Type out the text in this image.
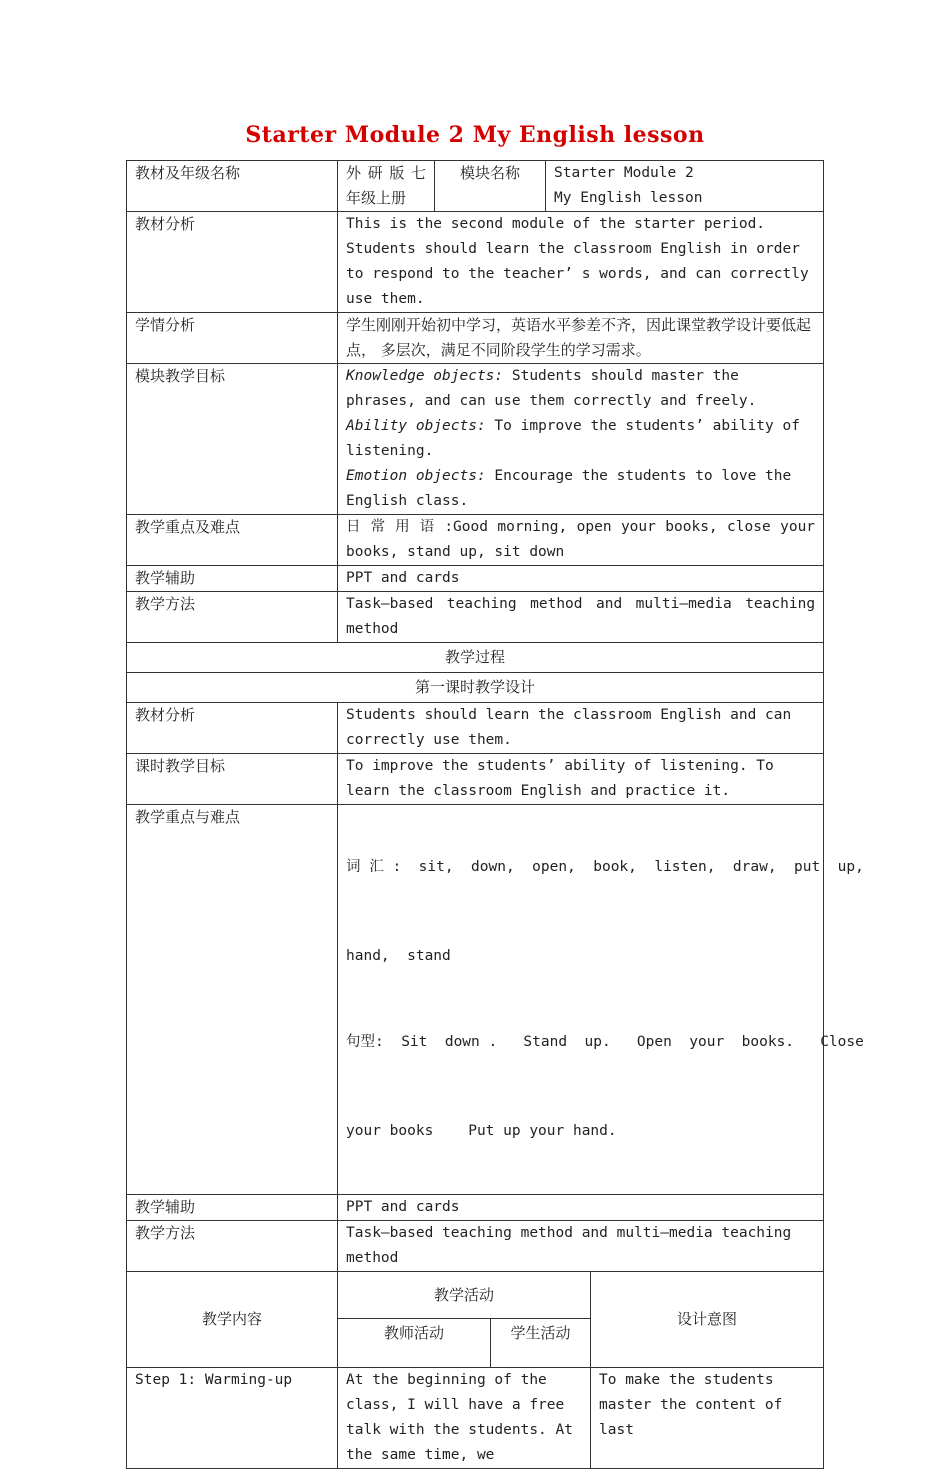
Starter Module 2 My English lesson
教材及年级名称	外 研 版 七 年级上册	模块名称		Starter Module 2
My English lesson	

教材分析	This is the second module of the starter period. Students should learn the classroom English in order to respond to the teacher’ s words, and can correctly use them.				
学情分析	学生刚刚开始初中学习，英语水平参差不齐，因此课堂教学设计要低起点， 多层次，满足不同阶段学生的学习需求。				
模块教学目标	Knowledge objects: Students should master the phrases, and can use them correctly and freely.
Ability objects: To improve the students’ ability of listening.
Emotion objects: Encourage the students to love the English class.				

教学重点及难点	日 常 用 语 :Good morning, open your books, close your books, stand up, sit down				
教学辅助	PPT and cards				
教学方法	Task—based teaching method and multi—media teaching method				
教学过程					
第一课时教学设计					
教材分析	Students should learn the classroom English and can correctly use them.				
课时教学目标	To improve the students’ ability of listening. To learn the classroom English and practice it.				
教学重点与难点	词 汇 :  sit,  down,  open,  book,  listen,  draw,  put  up,

hand,  stand

句型:  Sit  down .   Stand  up.   Open  your  books.   Close

your books    Put up your hand.				

教学辅助	PPT and cards				
教学方法	Task—based teaching method and multi—media teaching method				
教学内容	教学活动				设计意图
	教师活动		学生活动		
Step 1: Warming-up	At the beginning of the class, I will have a free talk with the students. At the same time, we				To make the students master the content of last
